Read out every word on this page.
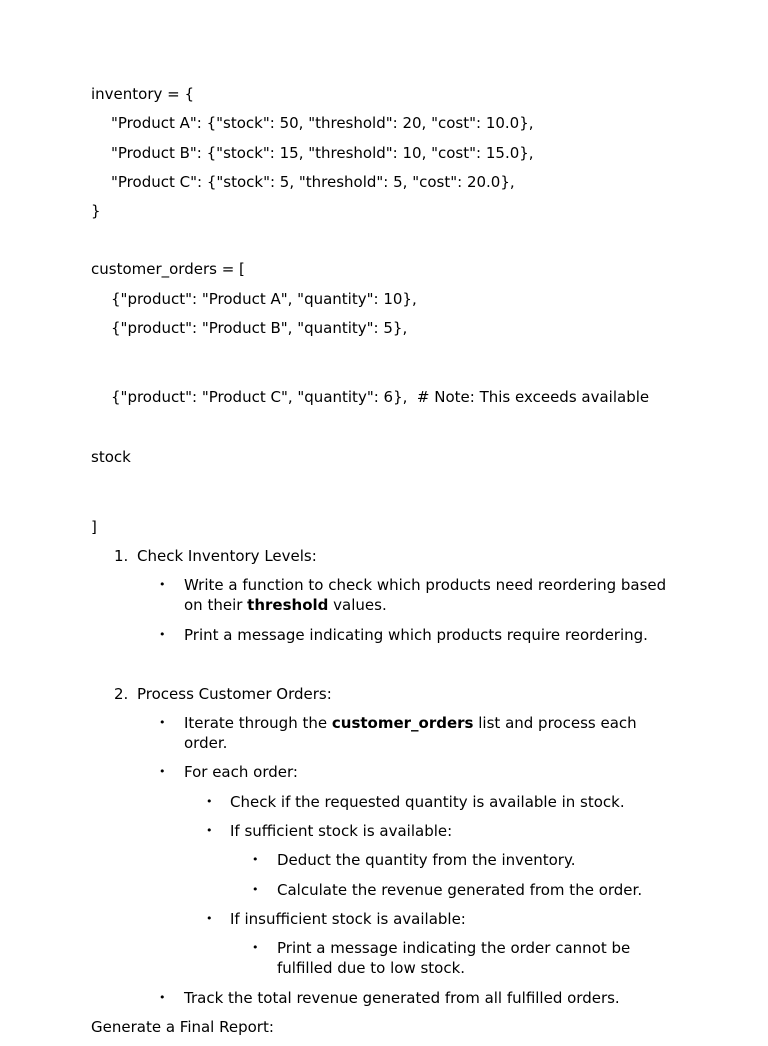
inventory = {
"Product A": {"stock": 50, "threshold": 20, "cost": 10.0},
"Product B": {"stock": 15, "threshold": 10, "cost": 15.0},
"Product C": {"stock": 5, "threshold": 5, "cost": 20.0},
}
customer_orders = [
{"product": "Product A", "quantity": 10},
{"product": "Product B", "quantity": 5},

{"product": "Product C", "quantity": 6},  # Note: This exceeds available

stock

]
1. Check Inventory Levels:
• Write a function to check which products need reordering based on their threshold values.
• Print a message indicating which products require reordering.
2. Process Customer Orders:
• Iterate through the customer_orders list and process each order.
• For each order:
• Check if the requested quantity is available in stock.
• If sufficient stock is available:
• Deduct the quantity from the inventory.
• Calculate the revenue generated from the order.
• If insufficient stock is available:
• Print a message indicating the order cannot be fulfilled due to low stock.
• Track the total revenue generated from all fulfilled orders.
Generate a Final Report:
